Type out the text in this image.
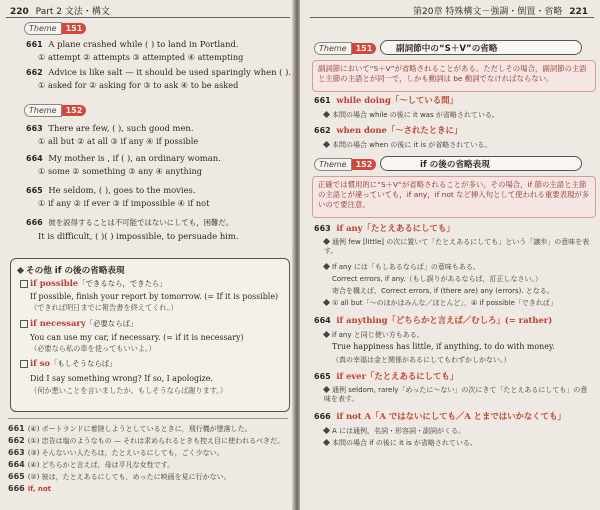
220 Part 2 文法・構文
Theme	151
661 A plane crashed while ( ) to land in Portland.
① attempt ② attempts ③ attempted ④ attempting
662 Advice is like salt — it should be used sparingly when ( ).
① asked for ② asking for ③ to ask ④ to be asked
Theme	152
663 There are few, ( ), such good men.
① all but ② at all ③ if any ④ if possible
664 My mother is , if ( ), an ordinary woman.
① some ② something ③ any ④ anything
665 He seldom, ( ), goes to the movies.
① if any ② if ever ③ if impossible ④ if not
666 彼を説得することは不可能ではないにしても，困難だ。
It is difficult, ( )( ) impossible, to persuade him.
その他 if の後の省略表現
if possible「できるなら，できたら」
If possible, finish your report by tomorrow. (= If it is possible)
（できれば明日までに報告書を終えてくれ。）
if necessary「必要ならば」
You can use my car, if necessary. (= if it is necessary)
（必要なら私の車を使ってもいいよ。）
if so「もしそうならば」
Did I say something wrong? If so, I apologize.
（何か悪いことを言いましたか。もしそうならば謝ります。）
661 (④) ポートランドに着陸しようとしているときに，飛行機が墜落した。
662 (①) 忠告は塩のようなもの — それは求められるときも控え目に使われるべきだ。
663 (③) そんないい人たちは，たとえいるにしても，ごく少ない。
664 (④) どちらかと言えば，母は平凡な女性です。
665 (②) 彼は，たとえあるにしても，めったに映画を見に行かない。
666 if, not
第20章 特殊構文－強調・倒置・省略 221
Theme	151	副詞節中の“S＋V”の省略
副詞節において“S＋V”が省略されることがある。ただしその場合，副詞節の主語と主節の主語とが同一で，しかも動詞は be 動詞でなければならない。
661 while doing「〜している間」
本問の場合 while の後に it was が省略されている。
662 when done「〜されたときに」
本問の場合 when の後に it is が省略されている。
Theme	152	if の後の省略表現
正確では慣用的に“S＋V”が省略されることが多い。その場合，if 節の主語と主節の主語とが違っていても，if any，if not など挿入句として使われる重要表現が多いので要注意。
663 if any「たとえあるにしても」
通例 few [little] の次に置いて「たとえあるにしても」という「譲歩」の意味を表す。
If any には「もしあるならば」の意味もある。
Correct errors, if any.（もし誤りがあるならば，訂正しなさい。）
寄合を構えば，Correct errors, if (there are) any (errors). となる。
① all but「〜のほかはみんな／ほとんど」，④ if possible「できれば」
664 if anything「どちらかと言えば／むしろ」(= rather)
if any と同じ使い方もある。
True happiness has little, if anything, to do with money.
（真の幸福は金と関係があるにしてもわずかしかない。）
665 if ever「たとえあるにしても」
通例 seldom, rarely「めったに〜ない」の次にきて「たとえあるにしても」の意味を表す。
666 if not A「A ではないにしても／A とまではいかなくても」
A には通例，名詞・形容詞・副詞がくる。
本問の場合 if の後に it is が省略されている。
